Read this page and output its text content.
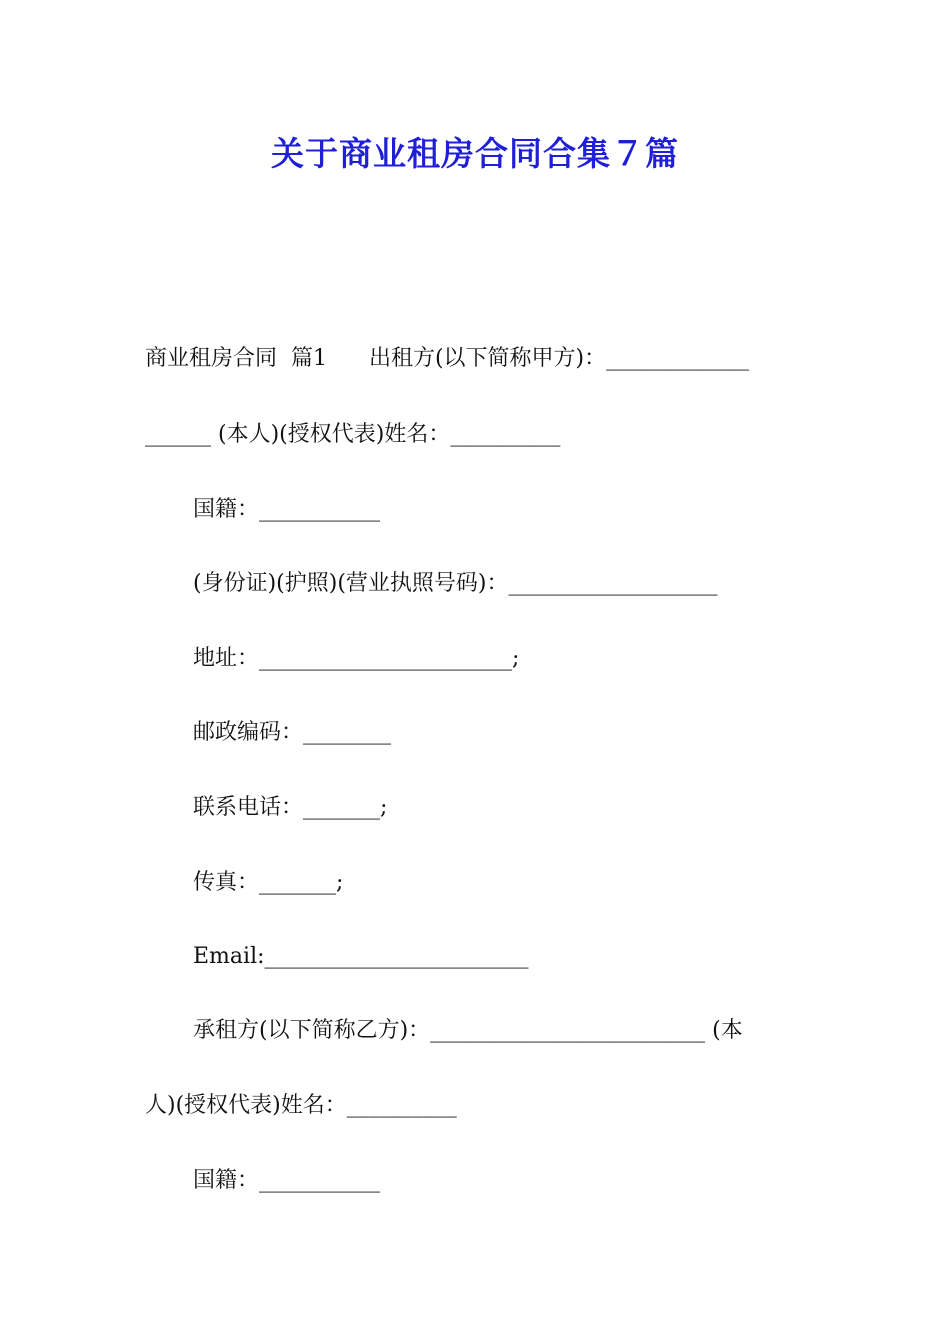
关于商业租房合同合集７篇

商业租房合同  篇1      出租方(以下简称甲方)：_____________

______ (本人)(授权代表)姓名：__________

国籍：___________

(身份证)(护照)(营业执照号码)：___________________

地址：_______________________;

邮政编码：________

联系电话：_______;

传真：_______;

Email:________________________

承租方(以下简称乙方)：_________________________ (本

人)(授权代表)姓名：__________

国籍：___________
